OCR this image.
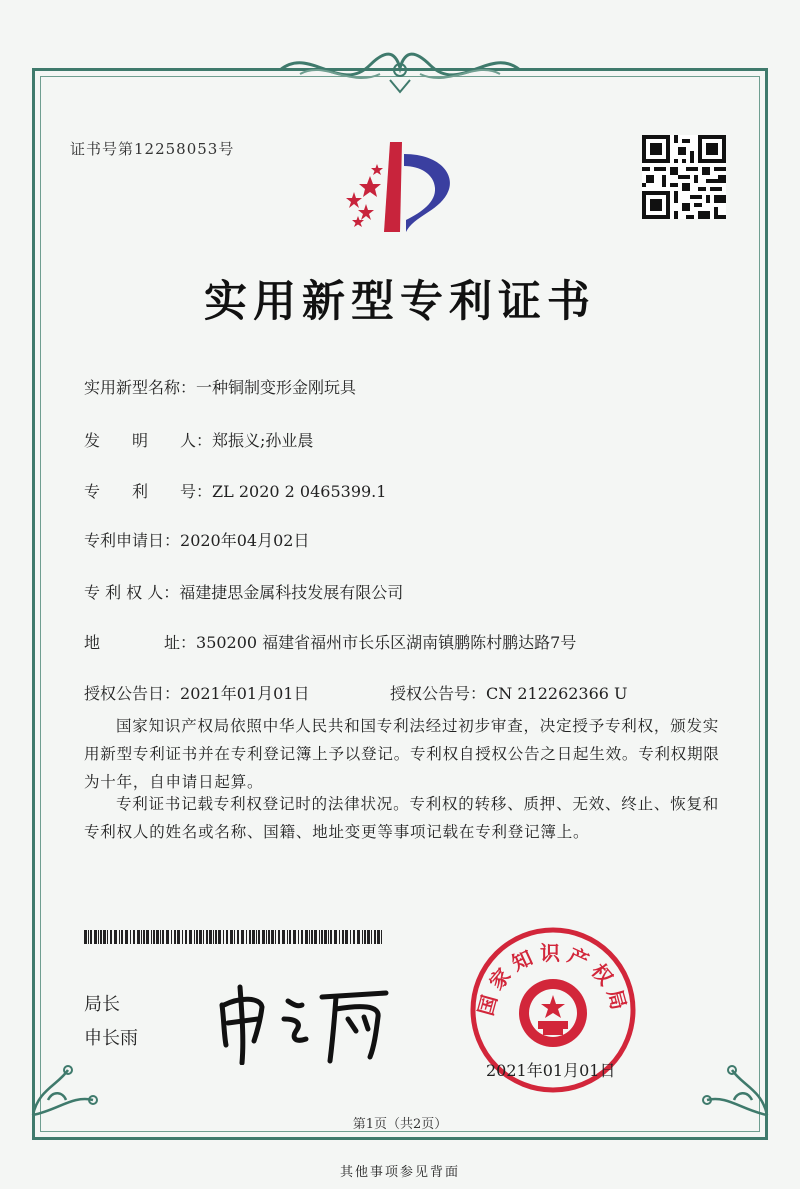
证书号第12258053号
实用新型专利证书
实用新型名称：一种铜制变形金刚玩具
发　　明　　人：郑振义;孙业晨
专　　利　　号：ZL 2020 2 0465399.1
专利申请日：2020年04月02日
专 利 权 人：福建捷思金属科技发展有限公司
地　　　　址：350200 福建省福州市长乐区湖南镇鹏陈村鹏达路7号
授权公告日：2021年01月01日	授权公告号：CN 212262366 U
国家知识产权局依照中华人民共和国专利法经过初步审查，决定授予专利权，颁发实用新型专利证书并在专利登记簿上予以登记。专利权自授权公告之日起生效。专利权期限为十年，自申请日起算。
专利证书记载专利权登记时的法律状况。专利权的转移、质押、无效、终止、恢复和专利权人的姓名或名称、国籍、地址变更等事项记载在专利登记簿上。
局长
申长雨
国家知识产权局
2021年01月01日
第1页（共2页）
其他事项参见背面
